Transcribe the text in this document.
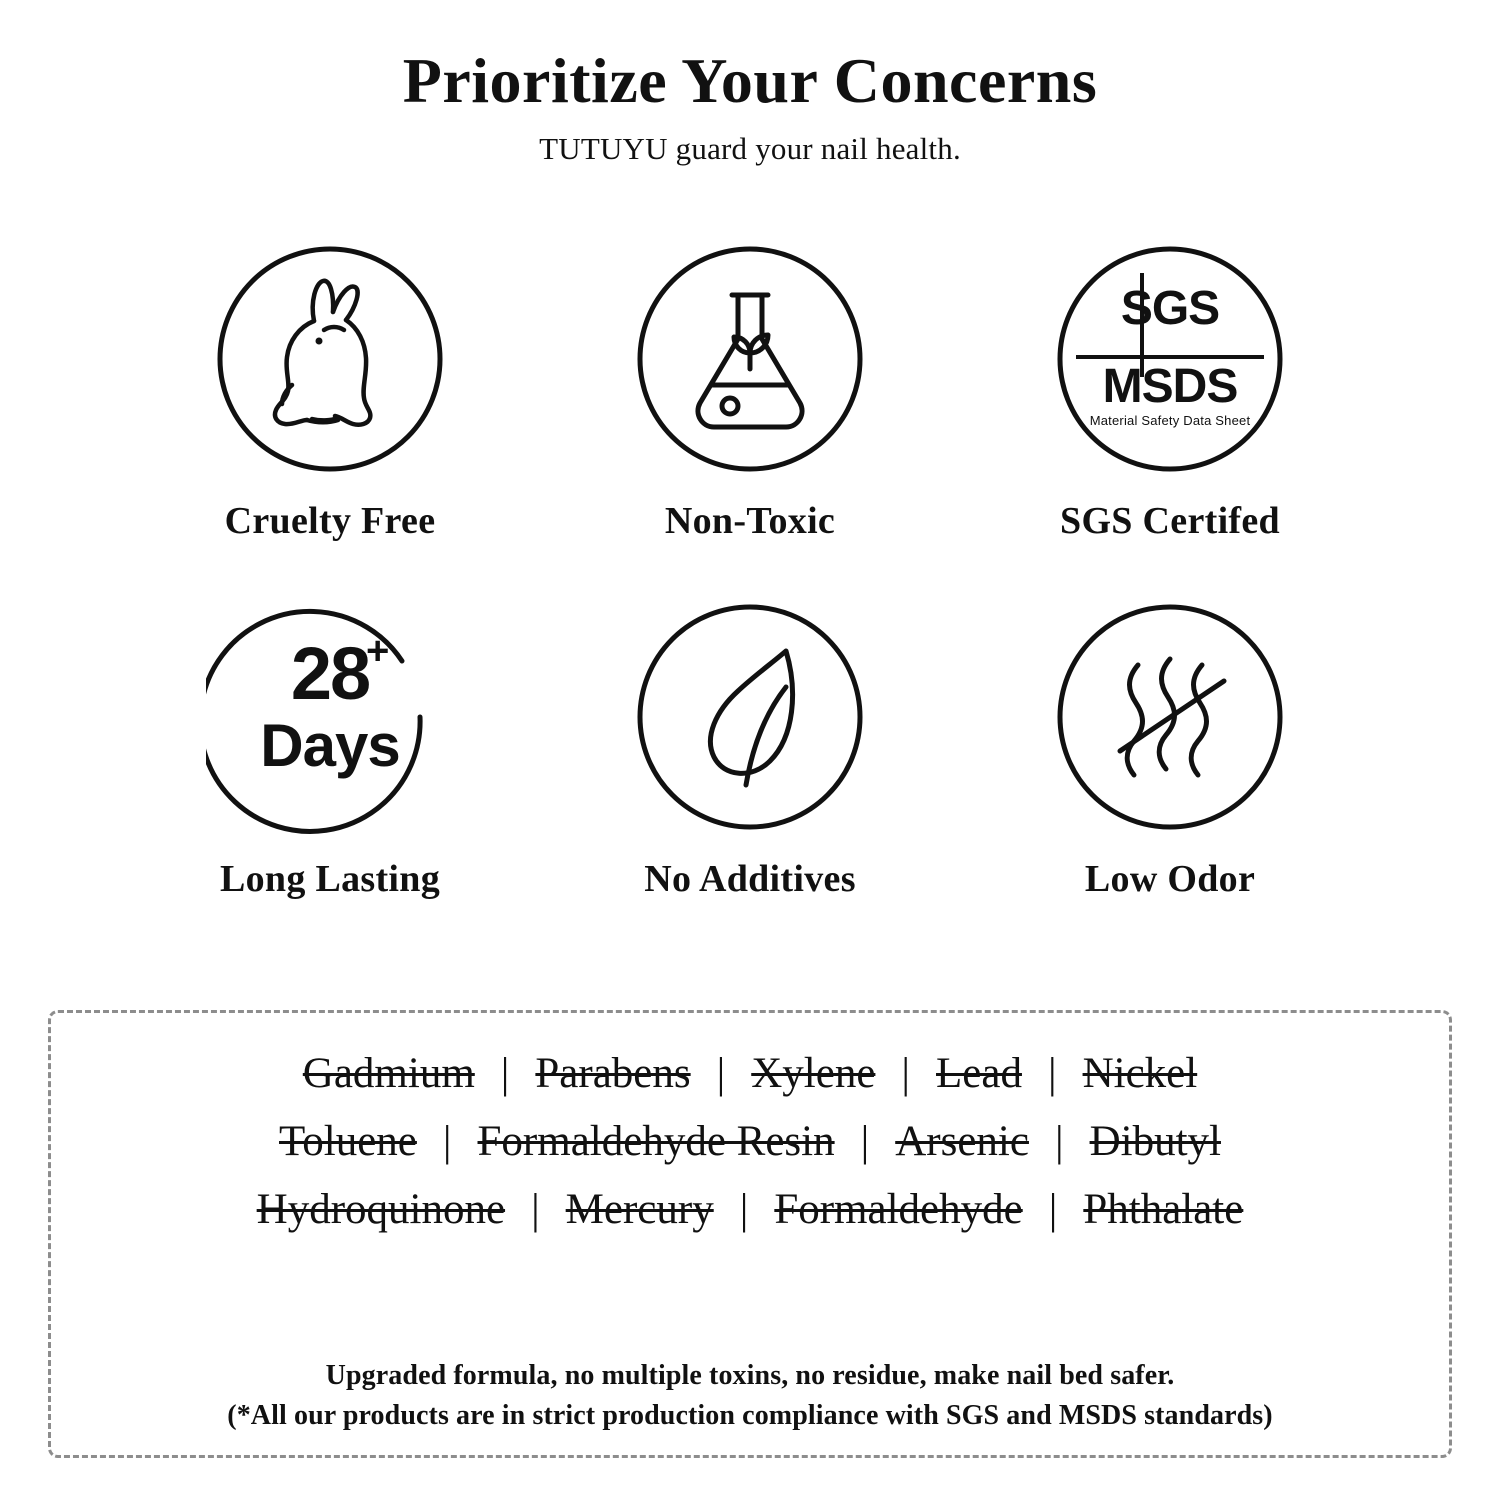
Prioritize Your Concerns

TUTUYU guard your nail health.

Cruelty Free	Non-Toxic
SGS
MSDS
Material Safety Data Sheet
SGS Certifed
28
+
Days
Long Lasting	No Additives	Low Odor
Gadmium | Parabens | Xylene | Lead | Nickel
Toluene | Formaldehyde Resin | Arsenic | Dibutyl
Hydroquinone | Mercury | Formaldehyde | Phthalate
Upgraded formula, no multiple toxins, no residue, make nail bed safer.
(*All our products are in strict production compliance with SGS and MSDS standards)
